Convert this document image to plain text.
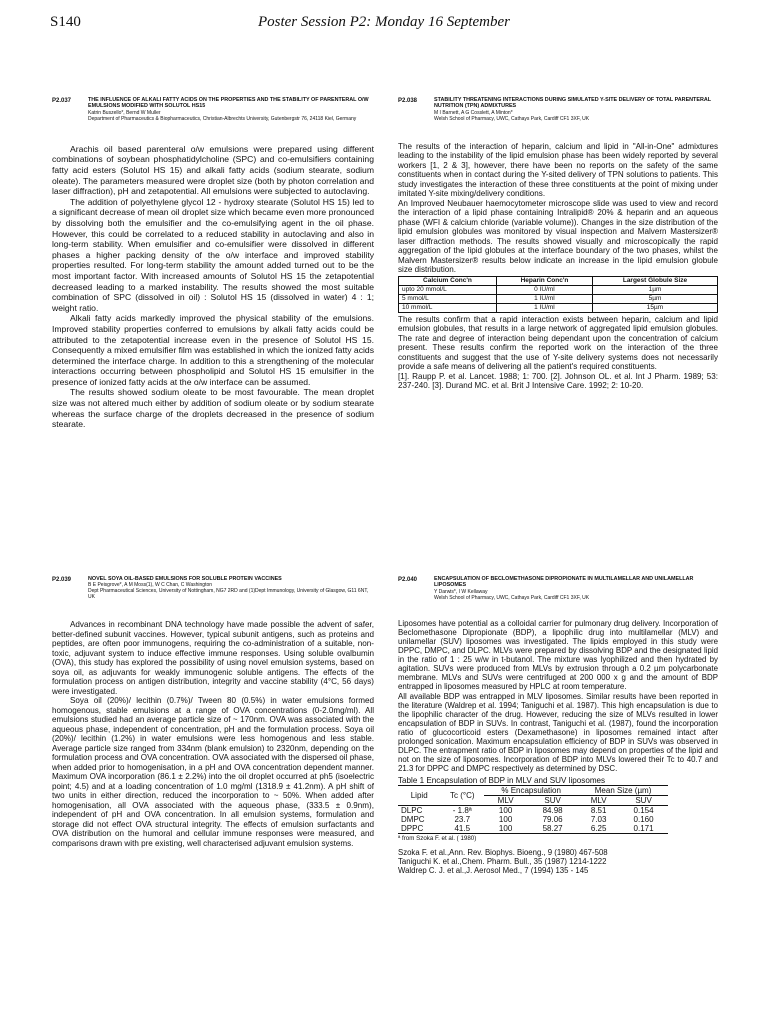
S140	Poster Session P2: Monday 16 September
P2.037	THE INFLUENCE OF ALKALI FATTY ACIDS ON THE PROPERTIES AND THE STABILITY OF PARENTERAL O/W EMULSIONS MODIFIED WITH SOLUTOL HS15
Katrin Buszello*, Bernd W Muller
Department of Pharmaceutics & Biopharmaceutics, Christian-Albrechts University, Gutenbergstr 76, 24118 Kiel, Germany

Arachis oil based parenteral o/w emulsions were prepared using different combinations of soybean phosphatidylcholine (SPC) and co-emulsifiers containing fatty acid esters (Solutol HS 15) and alkali fatty acids (sodium stearate, sodium oleate). The parameters measured were droplet size (both by photon correlation and laser diffraction), pH and zetapotential. All emulsions were subjected to autoclaving.

The addition of polyethylene glycol 12 - hydroxy stearate (Solutol HS 15) led to a significant decrease of mean oil droplet size which became even more pronounced by dissolving both the emulsifier and the co-emulsifying agent in the oil phase. However, this could be correlated to a reduced stability in autoclaving and also in long-term stability. When emulsifier and co-emulsifier were dissolved in different phases a higher packing density of the o/w interface and improved stability properties resulted. For long-term stability the amount added turned out to be the most important factor. With increased amounts of Solutol HS 15 the zetapotential decreased leading to a marked instability. The results showed the most suitable combination of SPC (dissolved in oil) : Solutol HS 15 (dissolved in water) 4 : 1; weight ratio.

Alkali fatty acids markedly improved the physical stability of the emulsions. Improved stability properties conferred to emulsions by alkali fatty acids could be attributed to the zetapotential increase even in the presence of Solutol HS 15. Consequently a mixed emulsifier film was established in which the ionized fatty acids determined the interface charge. In addition to this a strengthening of the molecular interactions occurring between phospholipid and Solutol HS 15 emulsifier in the presence of ionized fatty acids at the o/w interface can be assumed.

The results showed sodium oleate to be most favourable. The mean droplet size was not altered much either by addition of sodium oleate or by sodium stearate whereas the surface charge of the droplets decreased in the presence of sodium stearate.

P2.038	STABILITY THREATENING INTERACTIONS DURING SIMULATED Y-SITE DELIVERY OF TOTAL PARENTERAL NUTRITION (TPN) ADMIXTURES
M I Barnett, A G Cosslett, A Minton*
Welsh School of Pharmacy, UWC, Cathays Park, Cardiff CF1 3XF, UK

The results of the interaction of heparin, calcium and lipid in "All-in-One" admixtures leading to the instability of the lipid emulsion phase has been widely reported by several workers [1, 2 & 3], however, there have been no reports on the safety of the same constituents when in contact during the Y-sited delivery of TPN solutions to patients. This study investigates the interaction of these three constituents at the point of mixing under imitated Y-site mixing/delivery conditions.

An Improved Neubauer haemocytometer microscope slide was used to view and record the interaction of a lipid phase containing Intralipid® 20% & heparin and an aqueous phase (WFI & calcium chloride (variable volume)). Changes in the size distribution of the lipid emulsion globules was monitored by visual inspection and Malvern Mastersizer® laser diffraction methods. The results showed visually and microscopically the rapid aggregation of the lipid globules at the interface boundary of the two phases, whilst the Malvern Mastersizer® results below indicate an increase in the lipid emulsion globule size distribution.

Calcium Conc'n	Heparin Conc'n	Largest Globule Size
upto 20 mmol/L	0 IU/ml	1µm
5 mmol/L	1 IU/ml	5µm
10 mmol/L	1 IU/ml	15µm

The results confirm that a rapid interaction exists between heparin, calcium and lipid emulsion globules, that results in a large network of aggregated lipid emulsion globules. The rate and degree of interaction being dependant upon the concentration of calcium present. These results confirm the reported work on the interaction of the three constituents and suggest that the use of Y-site delivery systems does not necessarily provide a safe means of delivering all the patient's required constituents.

[1]. Raupp P. et al. Lancet. 1988; 1: 700. [2]. Johnson OL. et al. Int J Pharm. 1989; 53: 237-240. [3]. Durand MC. et al. Brit J Intensive Care. 1992; 2: 10-20.

P2.039	NOVEL SOYA OIL-BASED EMULSIONS FOR SOLUBLE PROTEIN VACCINES
B E Peisgrove*, A M Moss(1), W C Chan, C Washington
Dept Pharmaceutical Sciences, University of Nottingham, NG7 2RD and (1)Dept Immunology, University of Glasgow, G11 6NT, UK

Advances in recombinant DNA technology have made possible the advent of safer, better-defined subunit vaccines. However, typical subunit antigens, such as proteins and peptides, are often poor immunogens, requiring the co-administration of a suitable, non-toxic, adjuvant system to induce effective immune responses. Using soluble ovalbumin (OVA), this study has explored the possibility of using novel emulsion systems, based on soya oil, as adjuvants for weakly immunogenic soluble antigens. The effects of the formulation process on antigen distribution, integrity and vaccine stability (4°C, 56 days) were investigated.

Soya oil (20%)/ lecithin (0.7%)/ Tween 80 (0.5%) in water emulsions formed homogenous, stable emulsions at a range of OVA concentrations (0-2.0mg/ml). All emulsions studied had an average particle size of ~ 170nm. OVA was associated with the aqueous phase, independent of concentration, pH and the formulation process. Soya oil (20%)/ lecithin (1.2%) in water emulsions were less homogenous and less stable. Average particle size ranged from 334nm (blank emulsion) to 2320nm, depending on the formulation process and OVA concentration. OVA associated with the dispersed oil phase, when added prior to homogenisation, in a pH and OVA concentration dependent manner. Maximum OVA incorporation (86.1 ± 2.2%) into the oil droplet occurred at ph5 (isoelectric point; 4.5) and at a loading concentration of 1.0 mg/ml (1318.9 ± 41.2nm). A pH shift of two units in either direction, reduced the incorporation to ~ 50%. When added after homogenisation, all OVA associated with the aqueous phase, (333.5 ± 0.9nm), independent of pH and OVA concentration. In all emulsion systems, formulation and storage did not effect OVA structural integrity. The effects of emulsion surfactants and OVA distribution on the humoral and cellular immune responses were measured, and comparisons drawn with pre existing, well characterised adjuvant emulsion systems.

P2.040	ENCAPSULATION OF BECLOMETHASONE DIPROPIONATE IN MULTILAMELLAR AND UNILAMELLAR LIPOSOMES
Y Darwis*, I W Kellaway
Welsh School of Pharmacy, UWC, Cathays Park, Cardiff CF1 3XF, UK

Liposomes have potential as a colloidal carrier for pulmonary drug delivery. Incorporation of Beclomethasone Dipropionate (BDP), a lipophilic drug into multilamellar (MLV) and unilamellar (SUV) liposomes was investigated. The lipids employed in this study were DPPC, DMPC, and DLPC. MLVs were prepared by dissolving BDP and the designated lipid in the ratio of 1 : 25 w/w in t-butanol. The mixture was lyophilized and then hydrated by agitation. SUVs were produced from MLVs by extrusion through a 0.2 µm polycarbonate membrane. MLVs and SUVs were centrifuged at 200 000 x g and the amount of BDP entrapped in liposomes measured by HPLC at room temperature.

All available BDP was entrapped in MLV liposomes. Similar results have been reported in the literature (Waldrep et al. 1994; Taniguchi et al. 1987). This high encapsulation is due to the lipophilic character of the drug. However, reducing the size of MLVs resulted in lower encapsulation of BDP in SUVs. In contrast, Taniguchi et al. (1987), found the incorporation ratio of glucocorticoid esters (Dexamethasone) in liposomes remained intact after prolonged sonication. Maximum encapsulation efficiency of BDP in SUVs was observed in DLPC. The entrapment ratio of BDP in liposomes may depend on properties of the lipid and not on the size of liposomes. Incorporation of BDP into MLVs lowered their Tc to 40.7 and 21.3 for DPPC and DMPC respectively as determined by DSC.

Table 1 Encapsulation of BDP in MLV and SUV liposomes
Lipid	Tc (°C)	% Encapsulation		Mean Size (µm)	
		MLV	SUV	MLV	SUV
DLPC	- 1.8ª	100	84.98	8.51	0.154
DMPC	23.7	100	79.06	7.03	0.160
DPPC	41.5	100	58.27	6.25	0.171
ª from Szoka F. et al. ( 1980)
Szoka F. et al.,Ann. Rev. Biophys. Bioeng., 9 (1980) 467-508
Taniguchi K. et al.,Chem. Pharm. Bull., 35 (1987) 1214-1222
Waldrep C. J. et al.,J. Aerosol Med., 7 (1994) 135 - 145
